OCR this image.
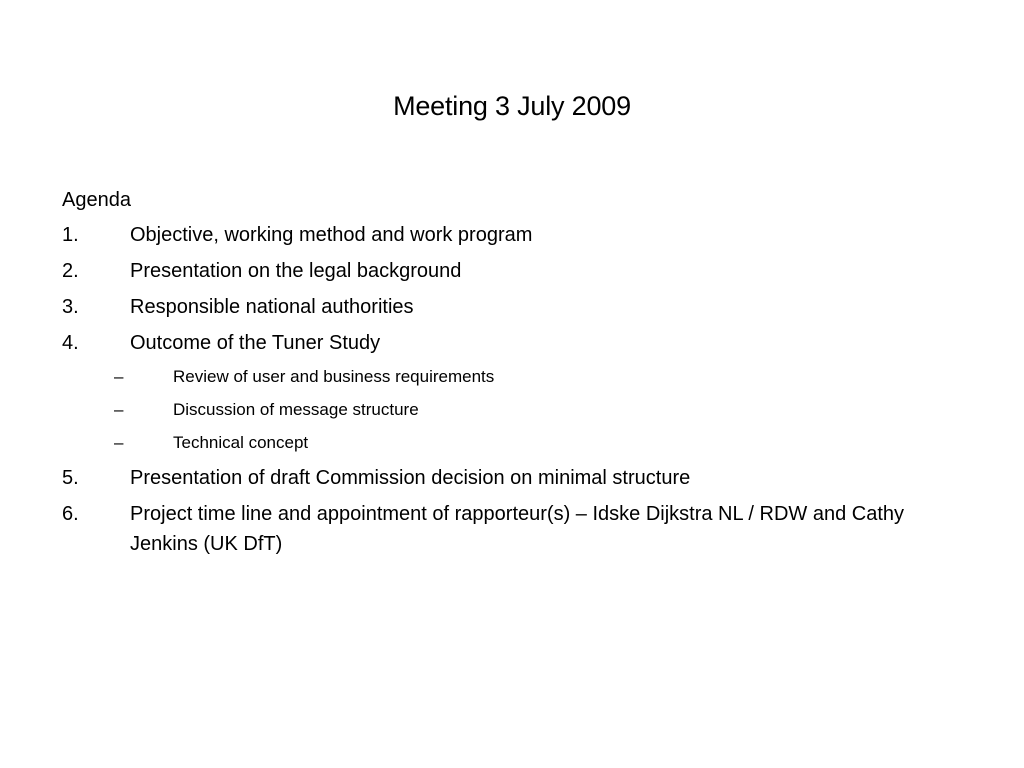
Meeting 3 July 2009
Agenda
1.	Objective, working method and work program
2.	Presentation on the legal background
3.	Responsible national authorities
4.	Outcome of the Tuner Study
–	Review of user and business requirements
–	Discussion of message structure
–	Technical concept
5.	Presentation of draft Commission decision on minimal structure
6.	Project time line and appointment of rapporteur(s) – Idske Dijkstra NL / RDW and Cathy Jenkins (UK DfT)
